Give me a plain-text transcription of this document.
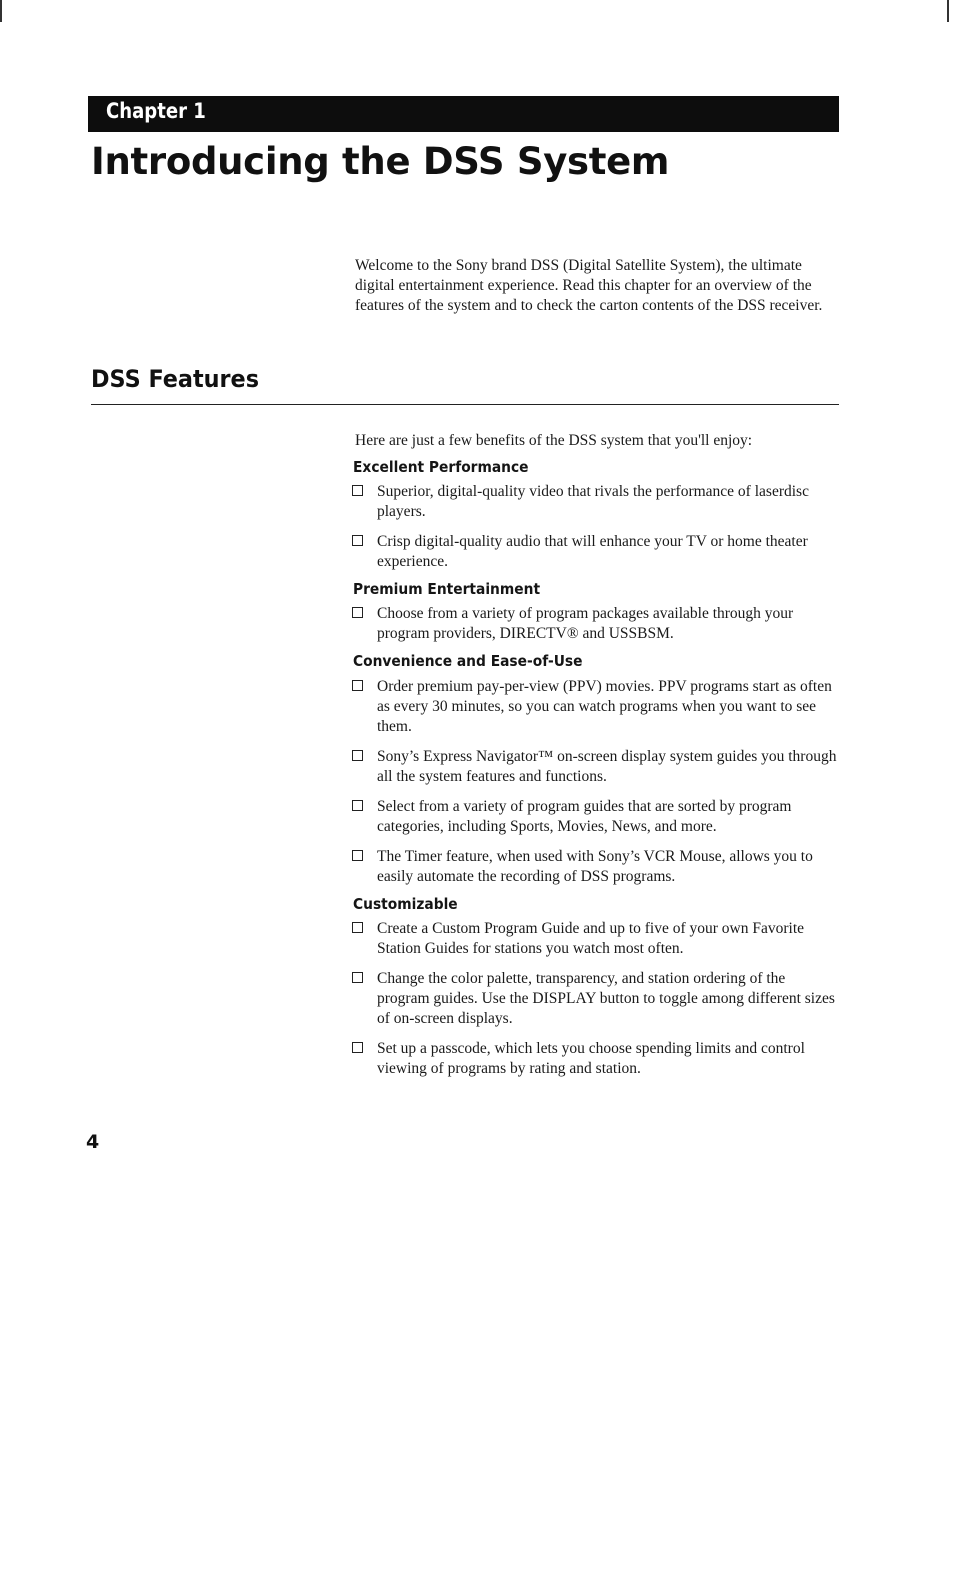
Chapter 1
Introducing the DSS System

Welcome to the Sony brand DSS (Digital Satellite System), the ultimate digital entertainment experience. Read this chapter for an overview of the features of the system and to check the carton contents of the DSS receiver.

DSS Features

Here are just a few benefits of the DSS system that you'll enjoy:

Excellent Performance
Superior, digital-quality video that rivals the performance of laserdisc players.
Crisp digital-quality audio that will enhance your TV or home theater experience.
Premium Entertainment
Choose from a variety of program packages available through your program providers, DIRECTV® and USSBSM.
Convenience and Ease-of-Use
Order premium pay-per-view (PPV) movies. PPV programs start as often as every 30 minutes, so you can watch programs when you want to see them.
Sony’s Express Navigator™ on-screen display system guides you through all the system features and functions.
Select from a variety of program guides that are sorted by program categories, including Sports, Movies, News, and more.
The Timer feature, when used with Sony’s VCR Mouse, allows you to easily automate the recording of DSS programs.
Customizable
Create a Custom Program Guide and up to five of your own Favorite Station Guides for stations you watch most often.
Change the color palette, transparency, and station ordering of the program guides. Use the DISPLAY button to toggle among different sizes of on-screen displays.
Set up a passcode, which lets you choose spending limits and control viewing of programs by rating and station.
4
